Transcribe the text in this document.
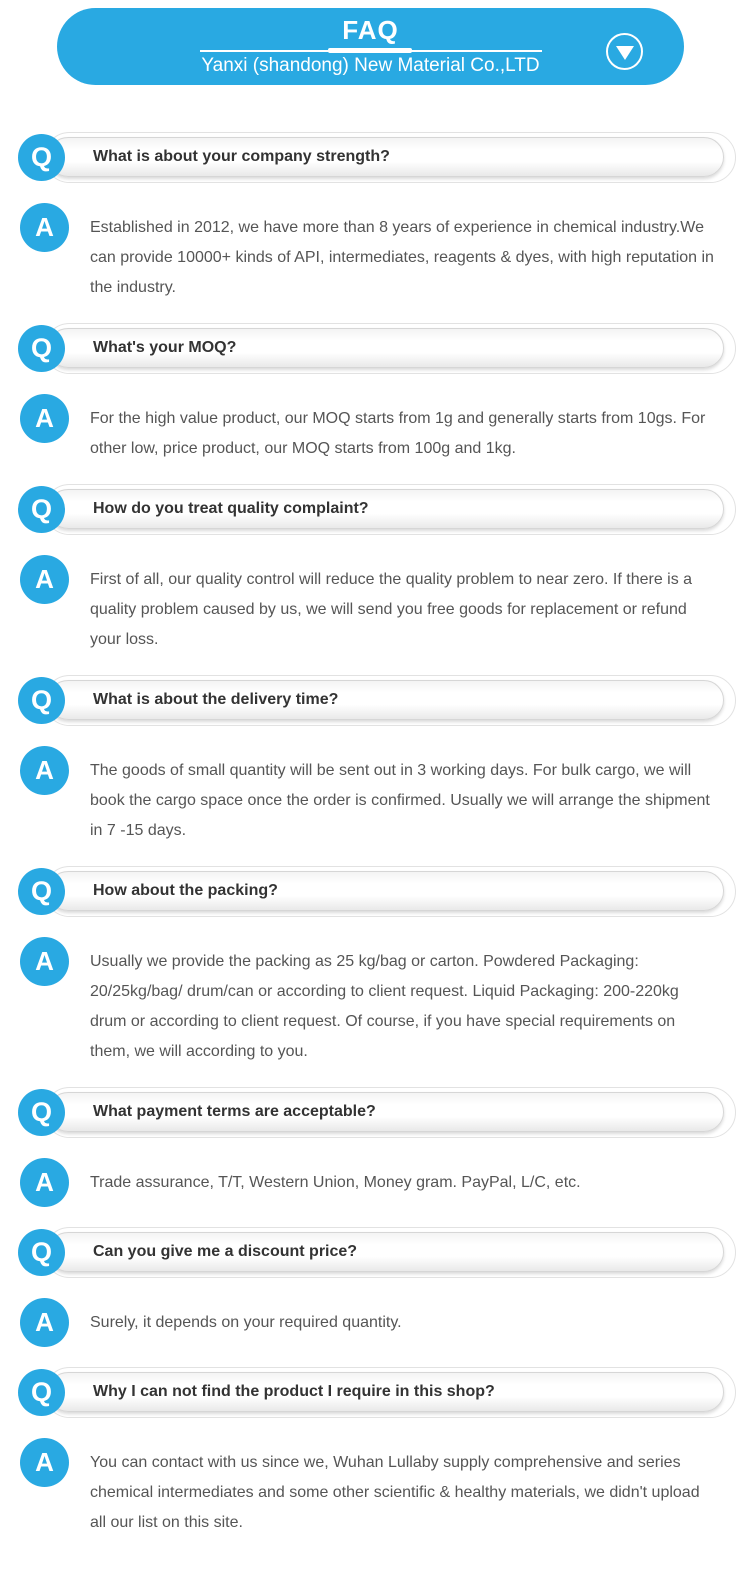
FAQ
Yanxi (shandong) New Material Co.,LTD
What is about your company strength?
Q
A	Established in 2012, we have more than 8 years of experience in chemical industry.We can provide 10000+ kinds of API, intermediates, reagents & dyes, with high reputation in the industry.

What's your MOQ?
Q
A	For the high value product, our MOQ starts from 1g and generally starts from 10gs. For other low, price product, our MOQ starts from 100g and 1kg.

How do you treat quality complaint?
Q
A	First of all, our quality control will reduce the quality problem to near zero. If there is a quality problem caused by us, we will send you free goods for replacement or refund your loss.

What is about the delivery time?
Q
A	The goods of small quantity will be sent out in 3 working days. For bulk cargo, we will book the cargo space once the order is confirmed. Usually we will arrange the shipment in 7 -15 days.

How about the packing?
Q
A	Usually we provide the packing as 25 kg/bag or carton. Powdered Packaging: 20/25kg/bag/ drum/can or according to client request. Liquid Packaging: 200-220kg drum or according to client request. Of course, if you have special requirements on them, we will according to you.

What payment terms are acceptable?
Q
A	Trade assurance, T/T, Western Union, Money gram. PayPal, L/C, etc.

Can you give me a discount price?
Q
A	Surely, it depends on your required quantity.

Why I can not find the product I require in this shop?
Q
A	You can contact with us since we, Wuhan Lullaby supply comprehensive and series chemical intermediates and some other scientific & healthy materials, we didn't upload all our list on this site.
